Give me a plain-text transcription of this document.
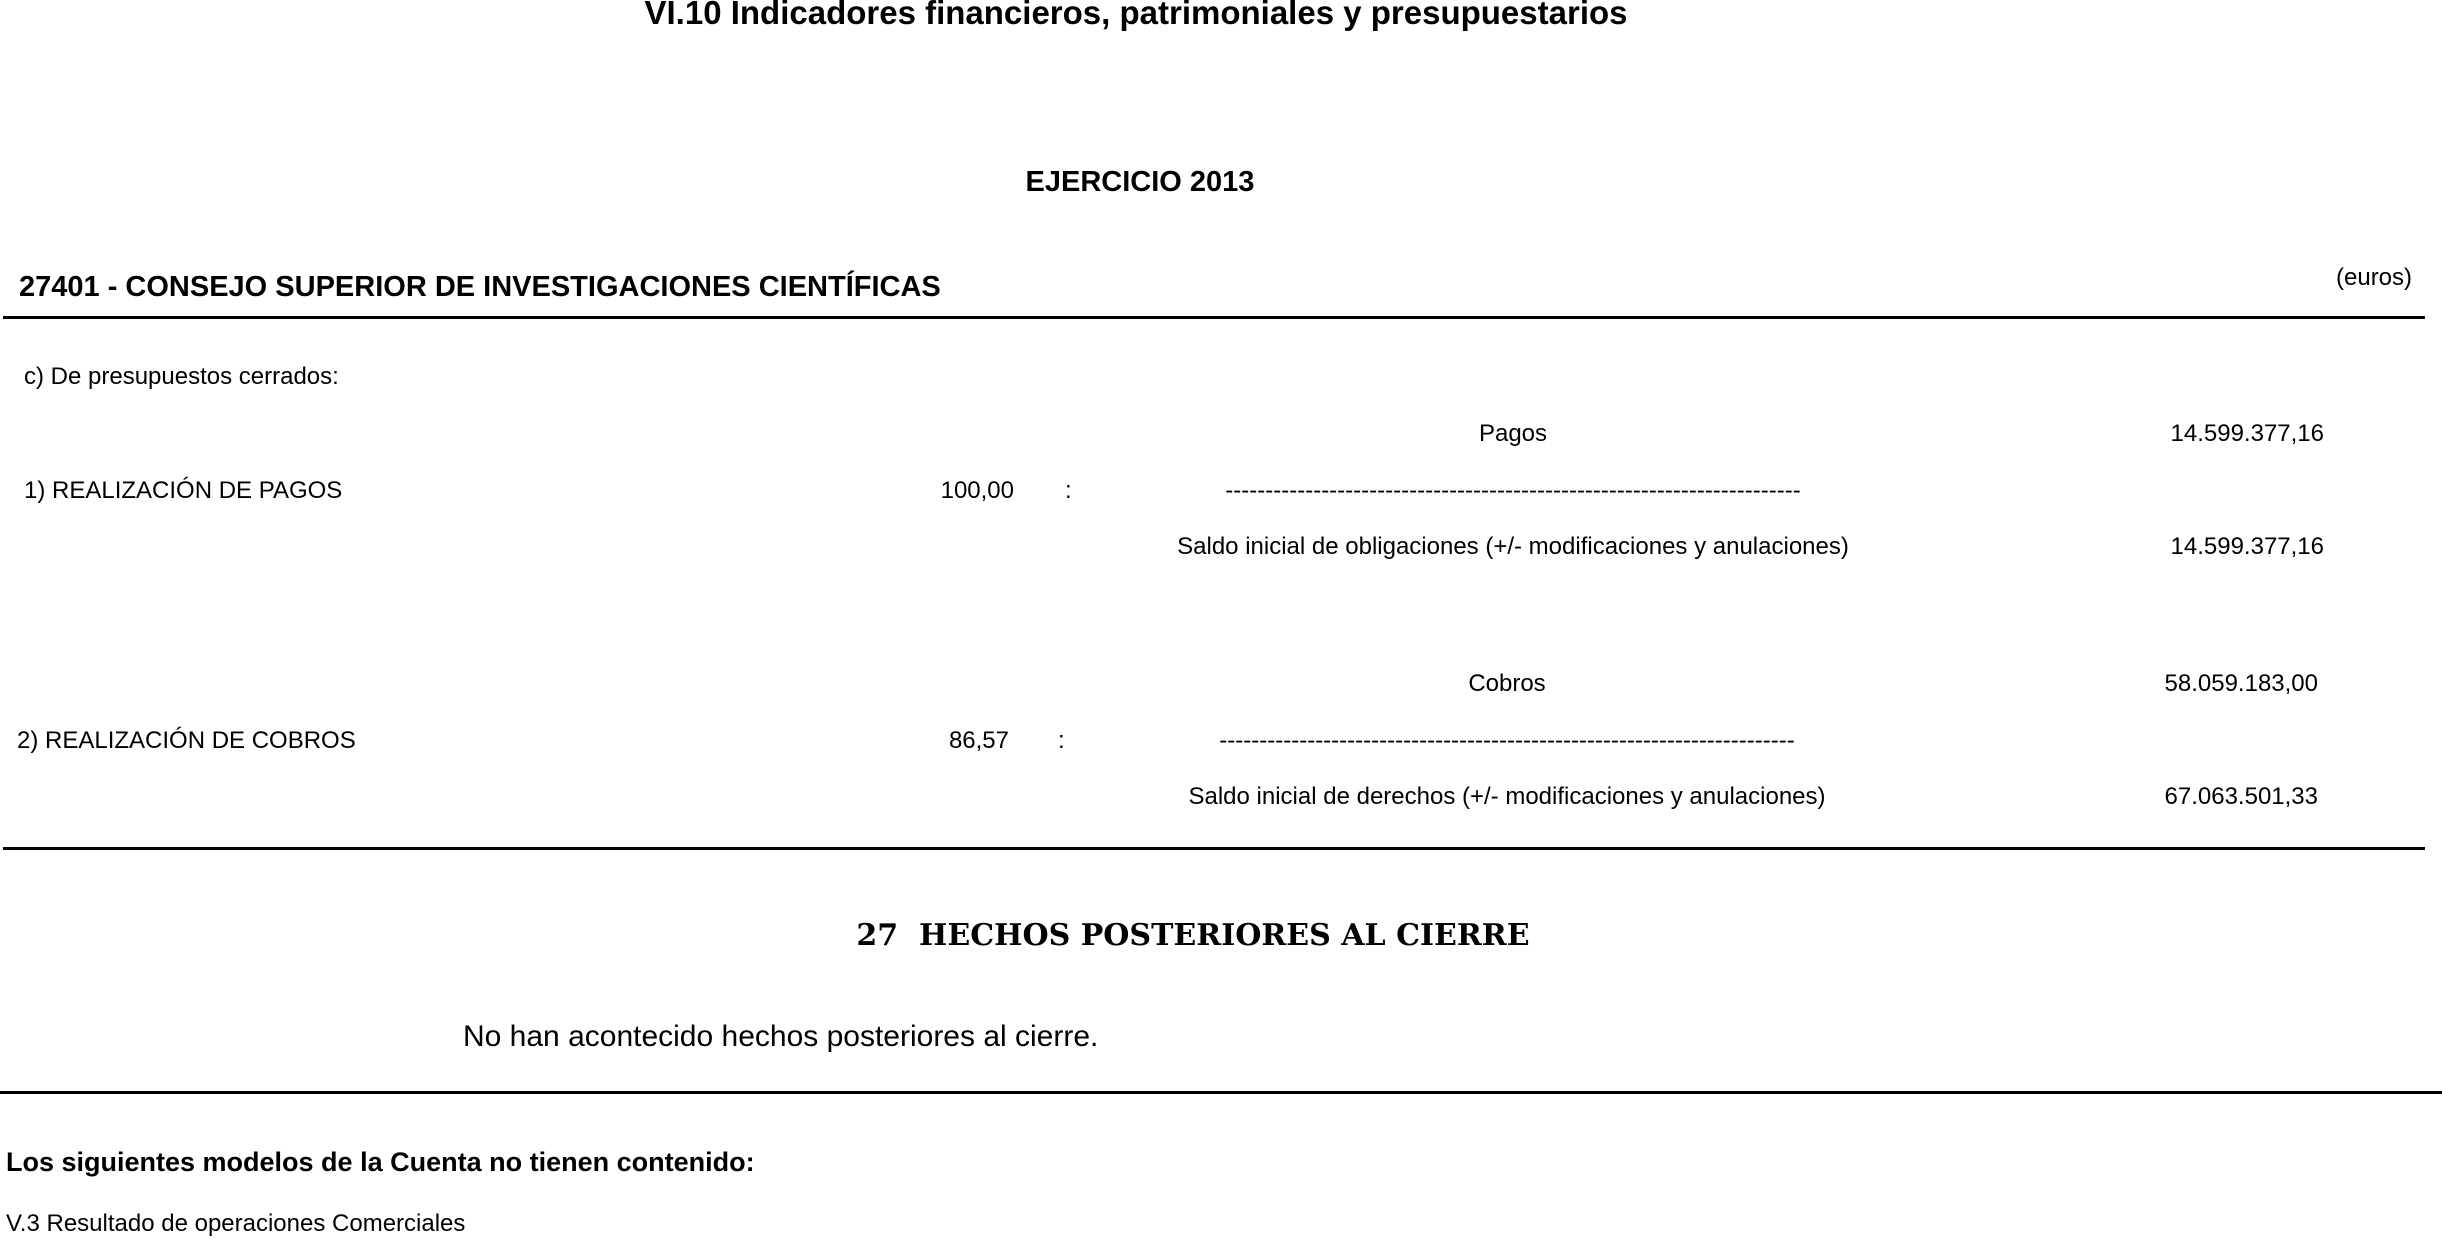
VI.10 Indicadores financieros, patrimoniales y presupuestarios
EJERCICIO 2013
27401 - CONSEJO SUPERIOR DE INVESTIGACIONES CIENTÍFICAS	(euros)
c) De presupuestos cerrados:
Pagos	14.599.377,16
1) REALIZACIÓN DE PAGOS	100,00 :	------------------------------------------------------------------------
Saldo inicial de obligaciones (+/- modificaciones y anulaciones)	14.599.377,16
Cobros	58.059.183,00
2) REALIZACIÓN DE COBROS	86,57 :	------------------------------------------------------------------------
Saldo inicial de derechos (+/- modificaciones y anulaciones)	67.063.501,33
27 HECHOS POSTERIORES AL CIERRE
No han acontecido hechos posteriores al cierre.
Los siguientes modelos de la Cuenta no tienen contenido:
V.3 Resultado de operaciones Comerciales
